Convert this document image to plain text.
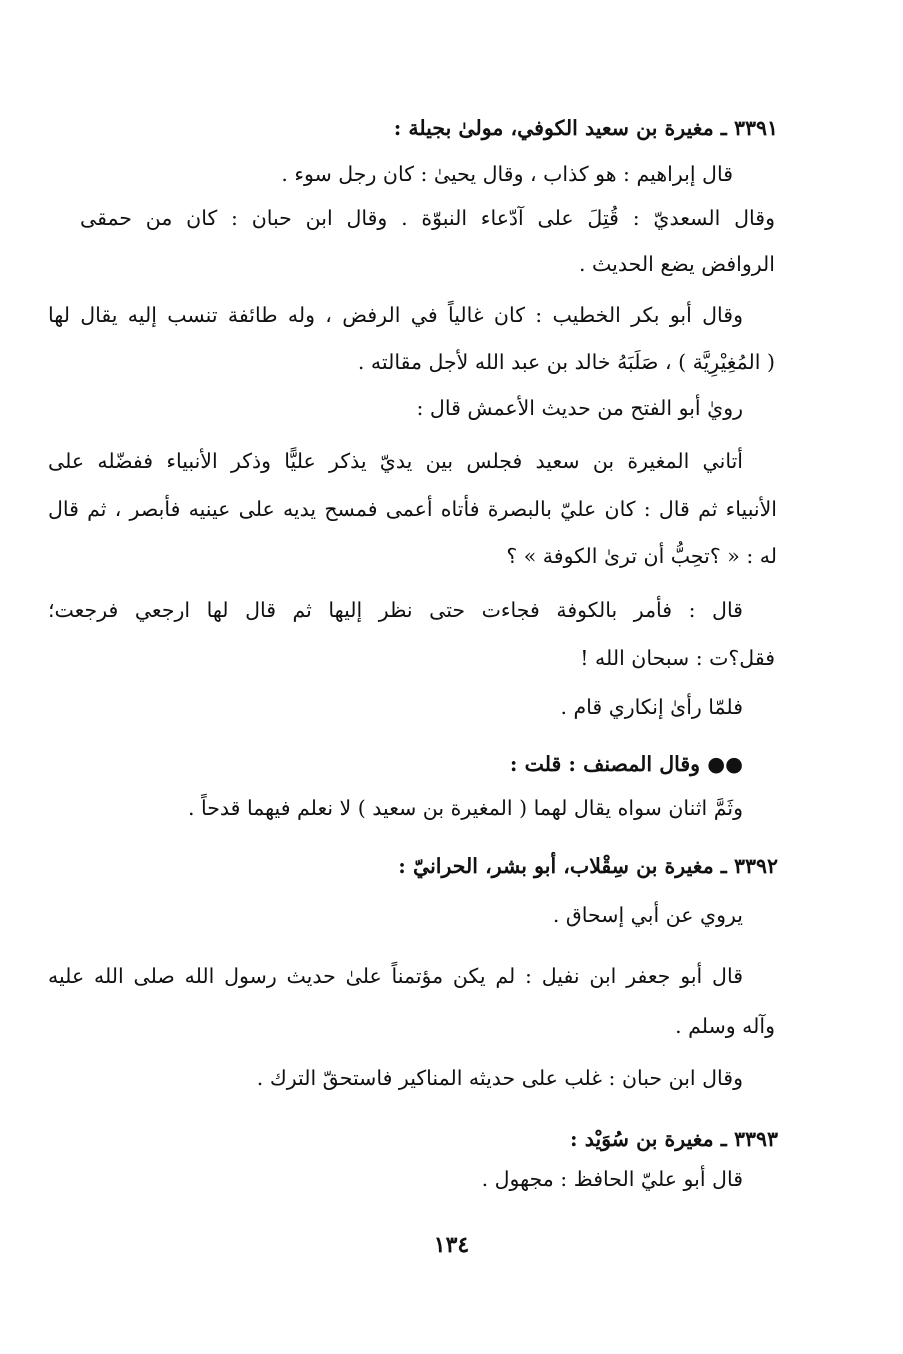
٣٣٩١ ـ مغيرة بن سعيد الكوفي، مولىٰ بجيلة :
قال إبراهيم : هو كذاب ، وقال يحيىٰ : كان رجل سوء .
وقال السعديّ : قُتِلَ على آدّعاء النبوّة . وقال ابن حبان : كان من حمقى
الروافض يضع الحديث .
وقال أبو بكر الخطيب : كان غالياً في الرفض ، وله طائفة تنسب إليه يقال لها
( المُغِيْرِيَّة ) ، صَلَبَهُ خالد بن عبد الله لأجل مقالته .
رويٰ أبو الفتح من حديث الأعمش قال :
أتاني المغيرة بن سعيد فجلس بين يديّ يذكر عليًّا وذكر الأنبياء ففضّله على
الأنبياء ثم قال : كان عليّ بالبصرة فأتاه أعمى فمسح يديه على عينيه فأبصر ، ثم قال
له : « ؟تحِبُّ أن ترىٰ الكوفة » ؟
قال : فأمر بالكوفة فجاءت حتى نظر إليها ثم قال لها ارجعي فرجعت؛
فقل؟ت : سبحان الله !
فلمّا رأىٰ إنكاري قام .
●● وقال المصنف : قلت :
وثَمَّ اثنان سواه يقال لهما ( المغيرة بن سعيد ) لا نعلم فيهما قدحاً .
٣٣٩٢ ـ مغيرة بن سِقْلاب، أبو بشر، الحرانيّ :
يروي عن أبي إسحاق .
قال أبو جعفر ابن نفيل : لم يكن مؤتمناً علىٰ حديث رسول الله صلى الله عليه
وآله وسلم .
وقال ابن حبان : غلب على حديثه المناكير فاستحقّ الترك .
٣٣٩٣ ـ مغيرة بن سُوَيْد :
قال أبو عليّ الحافظ : مجهول .
١٣٤
